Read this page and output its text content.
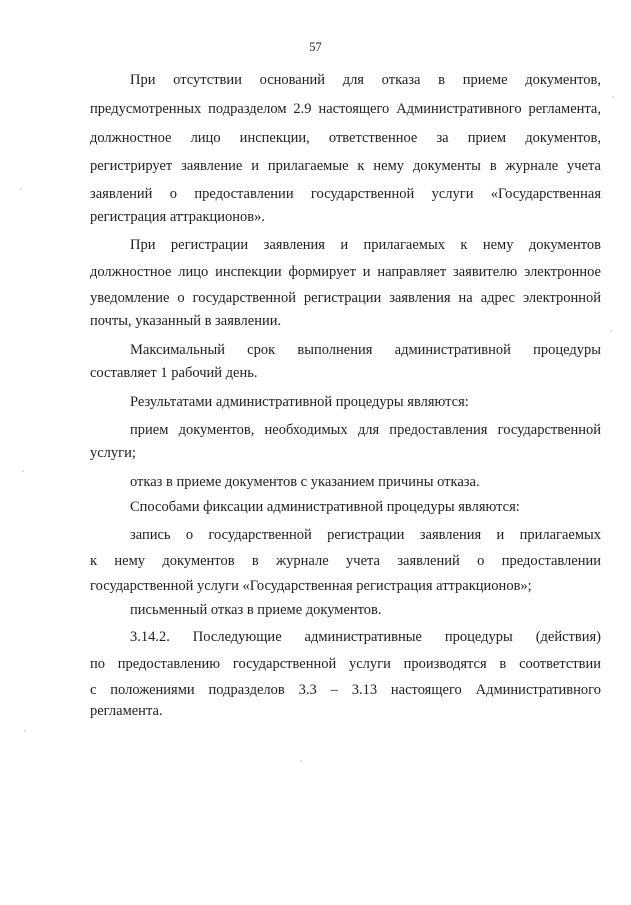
57
При отсутствии оснований для отказа в приеме документов,
предусмотренных подразделом 2.9 настоящего Административного регламента,
должностное лицо инспекции, ответственное за прием документов,
регистрирует заявление и прилагаемые к нему документы в журнале учета
заявлений о предоставлении государственной услуги «Государственная
регистрация аттракционов».
При регистрации заявления и прилагаемых к нему документов
должностное лицо инспекции формирует и направляет заявителю электронное
уведомление о государственной регистрации заявления на адрес электронной
почты, указанный в заявлении.
Максимальный срок выполнения административной процедуры
составляет 1 рабочий день.
Результатами административной процедуры являются:
прием документов, необходимых для предоставления государственной
услуги;
отказ в приеме документов с указанием причины отказа.
Способами фиксации административной процедуры являются:
запись о государственной регистрации заявления и прилагаемых
к нему документов в журнале учета заявлений о предоставлении
государственной услуги «Государственная регистрация аттракционов»;
письменный отказ в приеме документов.
3.14.2. Последующие административные процедуры (действия)
по предоставлению государственной услуги производятся в соответствии
с положениями подразделов 3.3 – 3.13 настоящего Административного
регламента.
